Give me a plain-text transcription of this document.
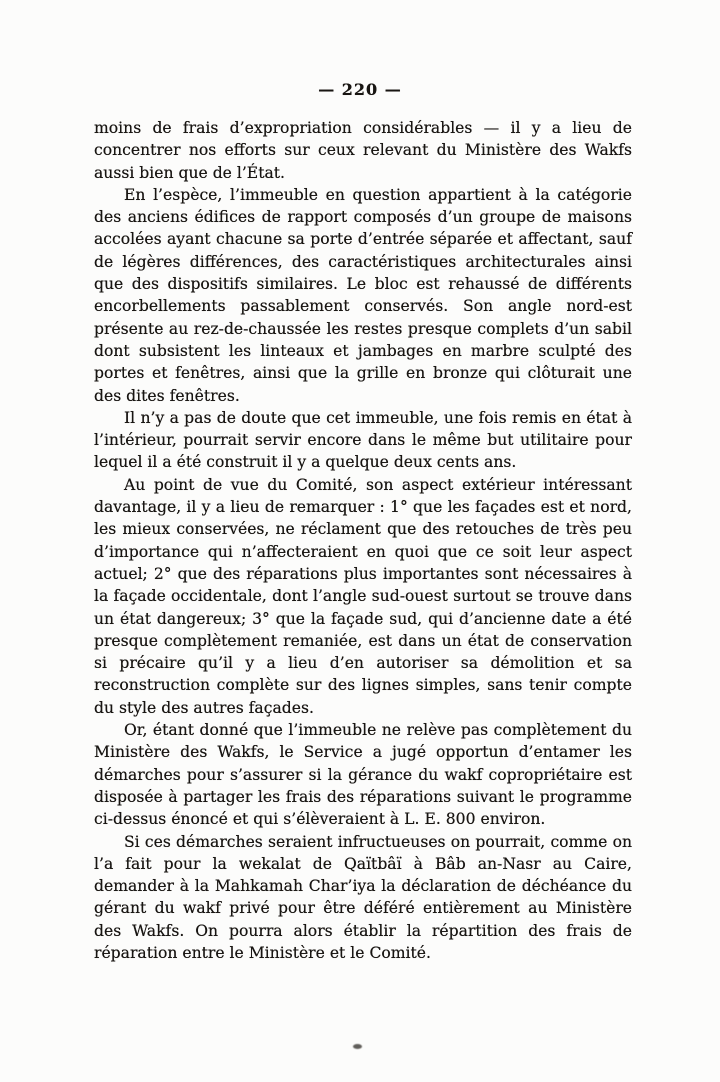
— 220 —

moins de frais d’expropriation considérables — il y a lieu de concentrer nos efforts sur ceux relevant du Ministère des Wakfs aussi bien que de l’État.

En l’espèce, l’immeuble en question appartient à la catégorie des anciens édifices de rapport composés d’un groupe de maisons accolées ayant chacune sa porte d’entrée séparée et affectant, sauf de légères différences, des caractéristiques architecturales ainsi que des dispositifs similaires. Le bloc est rehaussé de différents encorbellements passablement conservés. Son angle nord-est présente au rez-de-chaussée les restes presque complets d’un sabil dont subsistent les linteaux et jambages en marbre sculpté des portes et fenêtres, ainsi que la grille en bronze qui clôturait une des dites fenêtres.

Il n’y a pas de doute que cet immeuble, une fois remis en état à l’intérieur, pourrait servir encore dans le même but utilitaire pour lequel il a été construit il y a quelque deux cents ans.

Au point de vue du Comité, son aspect extérieur intéressant davantage, il y a lieu de remarquer : 1° que les façades est et nord, les mieux conservées, ne réclament que des retouches de très peu d’importance qui n’affecteraient en quoi que ce soit leur aspect actuel; 2° que des réparations plus importantes sont nécessaires à la façade occidentale, dont l’angle sud-ouest surtout se trouve dans un état dangereux; 3° que la façade sud, qui d’ancienne date a été presque complètement remaniée, est dans un état de conservation si précaire qu’il y a lieu d’en autoriser sa démolition et sa reconstruction complète sur des lignes simples, sans tenir compte du style des autres façades.

Or, étant donné que l’immeuble ne relève pas complètement du Ministère des Wakfs, le Service a jugé opportun d’entamer les démarches pour s’assurer si la gérance du wakf copropriétaire est disposée à partager les frais des réparations suivant le programme ci-dessus énoncé et qui s’élèveraient à L. E. 800 environ.

Si ces démarches seraient infructueuses on pourrait, comme on l’a fait pour la wekalat de Qaïtbâï à Bâb an-Nasr au Caire, demander à la Mahkamah Char’iya la déclaration de déchéance du gérant du wakf privé pour être déféré entièrement au Ministère des Wakfs. On pourra alors établir la répartition des frais de réparation entre le Ministère et le Comité.
